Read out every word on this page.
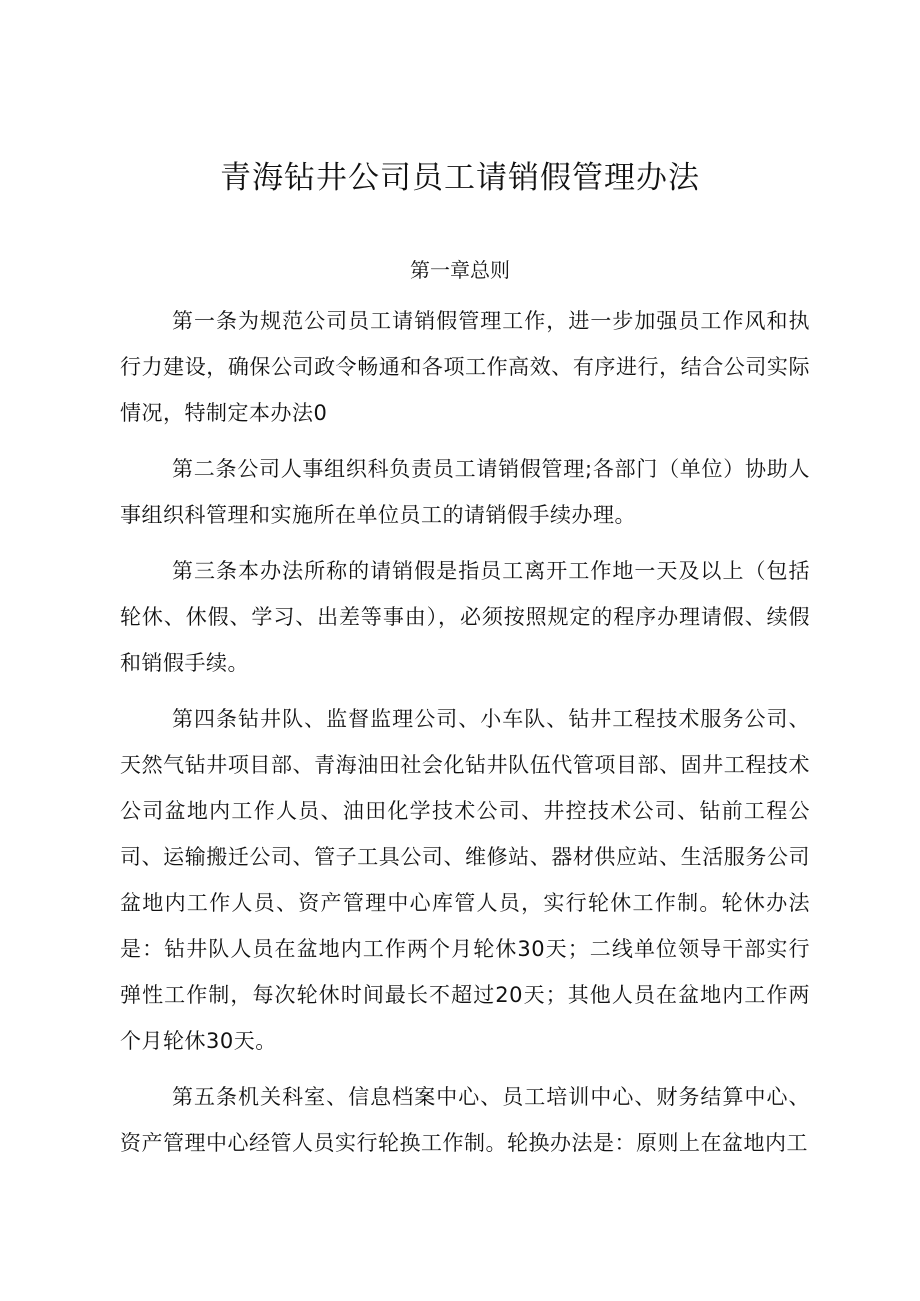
青海钻井公司员工请销假管理办法
第一章总则

第一条为规范公司员工请销假管理工作，进一步加强员工作风和执行力建设，确保公司政令畅通和各项工作高效、有序进行，结合公司实际情况，特制定本办法0

第二条公司人事组织科负责员工请销假管理;各部门（单位）协助人事组织科管理和实施所在单位员工的请销假手续办理。

第三条本办法所称的请销假是指员工离开工作地一天及以上（包括轮休、休假、学习、出差等事由），必须按照规定的程序办理请假、续假和销假手续。

第四条钻井队、监督监理公司、小车队、钻井工程技术服务公司、天然气钻井项目部、青海油田社会化钻井队伍代管项目部、固井工程技术公司盆地内工作人员、油田化学技术公司、井控技术公司、钻前工程公司、运输搬迁公司、管子工具公司、维修站、器材供应站、生活服务公司盆地内工作人员、资产管理中心库管人员，实行轮休工作制。轮休办法是：钻井队人员在盆地内工作两个月轮休30天；二线单位领导干部实行弹性工作制，每次轮休时间最长不超过20天；其他人员在盆地内工作两个月轮休30天。

第五条机关科室、信息档案中心、员工培训中心、财务结算中心、资产管理中心经管人员实行轮换工作制。轮换办法是：原则上在盆地内工
